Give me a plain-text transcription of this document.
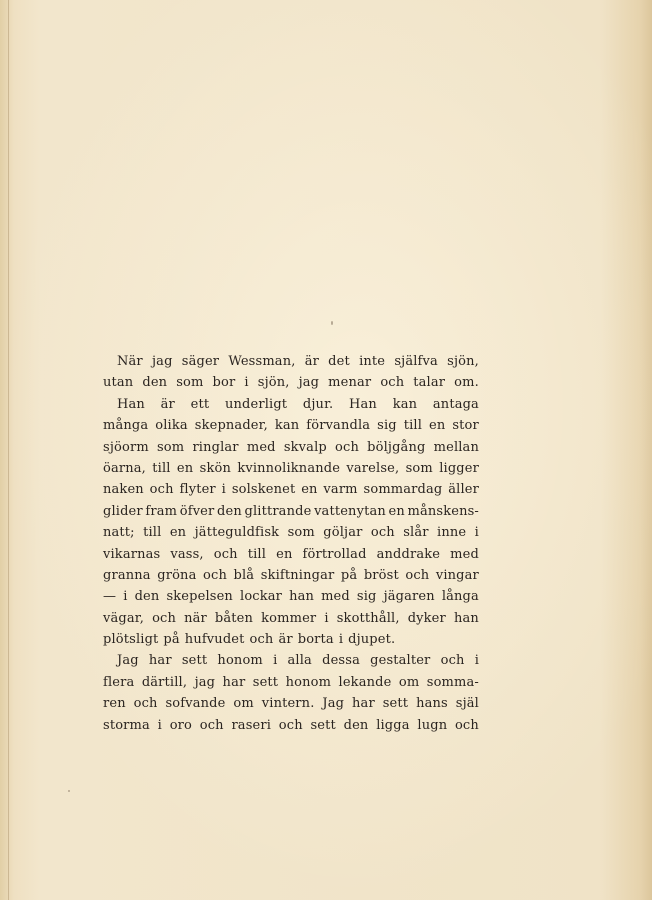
När jag säger Wessman, är det inte själfva sjön,
utan den som bor i sjön, jag menar och talar om.
Han är ett underligt djur. Han kan antaga
många olika skepnader, kan förvandla sig till en stor
sjöorm som ringlar med skvalp och böljgång mellan
öarna, till en skön kvinnoliknande varelse, som ligger
naken och flyter i solskenet en varm sommardag äller
glider fram öfver den glittrande vattenytan en månskens-
natt; till en jätteguldfisk som göljar och slår inne i
vikarnas vass, och till en förtrollad anddrake med
granna gröna och blå skiftningar på bröst och vingar
— i den skepelsen lockar han med sig jägaren långa
vägar, och när båten kommer i skotthåll, dyker han
plötsligt på hufvudet och är borta i djupet.
Jag har sett honom i alla dessa gestalter och i
flera därtill, jag har sett honom lekande om somma-
ren och sofvande om vintern. Jag har sett hans själ
storma i oro och raseri och sett den ligga lugn och
